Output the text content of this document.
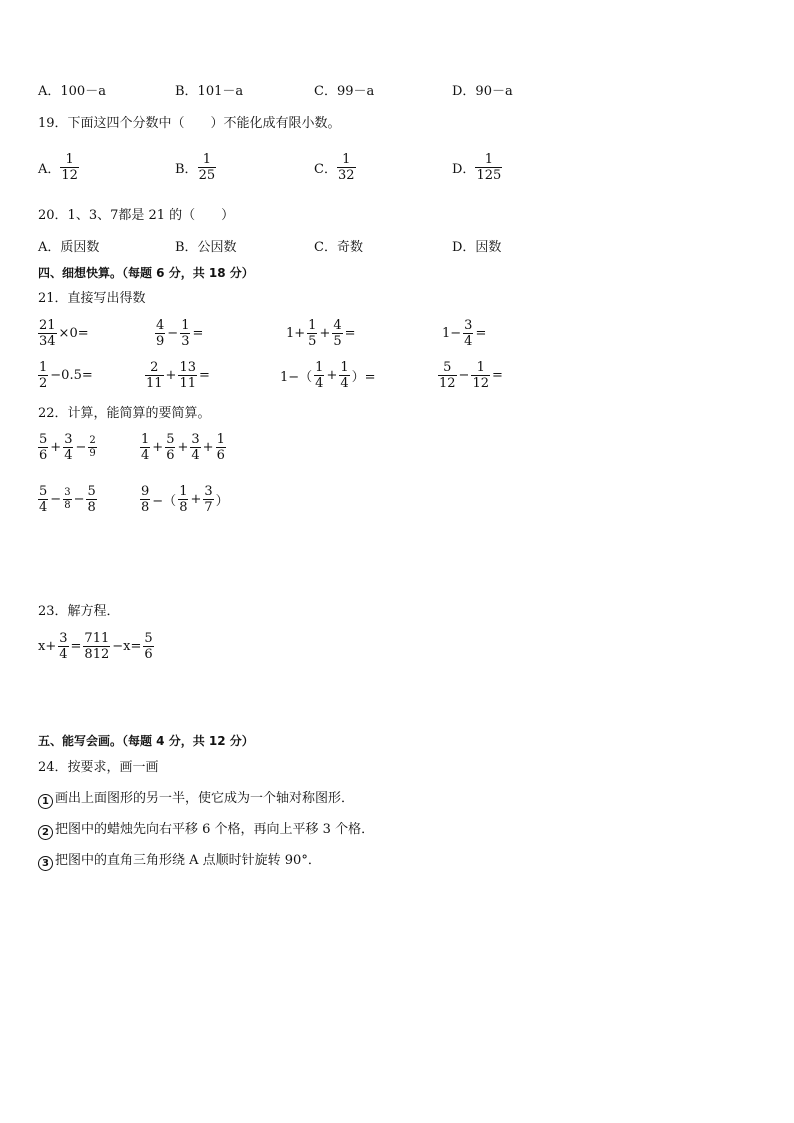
A．100－a	B．101－a	C．99－a	D．90－a
19．下面这四个分数中（　　）不能化成有限小数。
A． $\frac{1}{12}$	B． $\frac{1}{25}$	C． $\frac{1}{32}$	D． $\frac{1}{125}$
20．1、3、7都是 21 的（　　）
A．质因数	B．公因数	C．奇数	D．因数
四、细想快算。（每题 6 分，共 18 分）
21．直接写出得数
$\frac{21}{34} \times 0=$	$\frac{4}{9} - \frac{1}{3}$ =	$1+ \frac{1}{5} + \frac{4}{5}$ =	$1- \frac{3}{4}$ =
$\frac{1}{2} -0.5=$	$\frac{2}{11} + \frac{13}{11}$ =	$1-( \frac{1}{4} + \frac{1}{4}$ ）=	$\frac{5}{12} - \frac{1}{12}$ =
22．计算，能简算的要简算。
$\frac{5}{6} + \frac{3}{4} - \frac{2}{9}$	$\frac{1}{4} + \frac{5}{6} + \frac{3}{4} + \frac{1}{6}$
$\frac{5}{4} - \frac{3}{8} - \frac{5}{8}$	$\frac{9}{8}$ −（ $\frac{1}{8} + \frac{3}{7}$ ）
23．解方程．
$x+ \frac{3}{4} = \frac{711}{812} -x= \frac{5}{6}$
五、能写会画。（每题 4 分，共 12 分）
24．按要求，画一画
1 画出上面图形的另一半，使它成为一个轴对称图形．
2 把图中的蜡烛先向右平移 6 个格，再向上平移 3 个格．
3 把图中的直角三角形绕 A 点顺时针旋转 90°．
